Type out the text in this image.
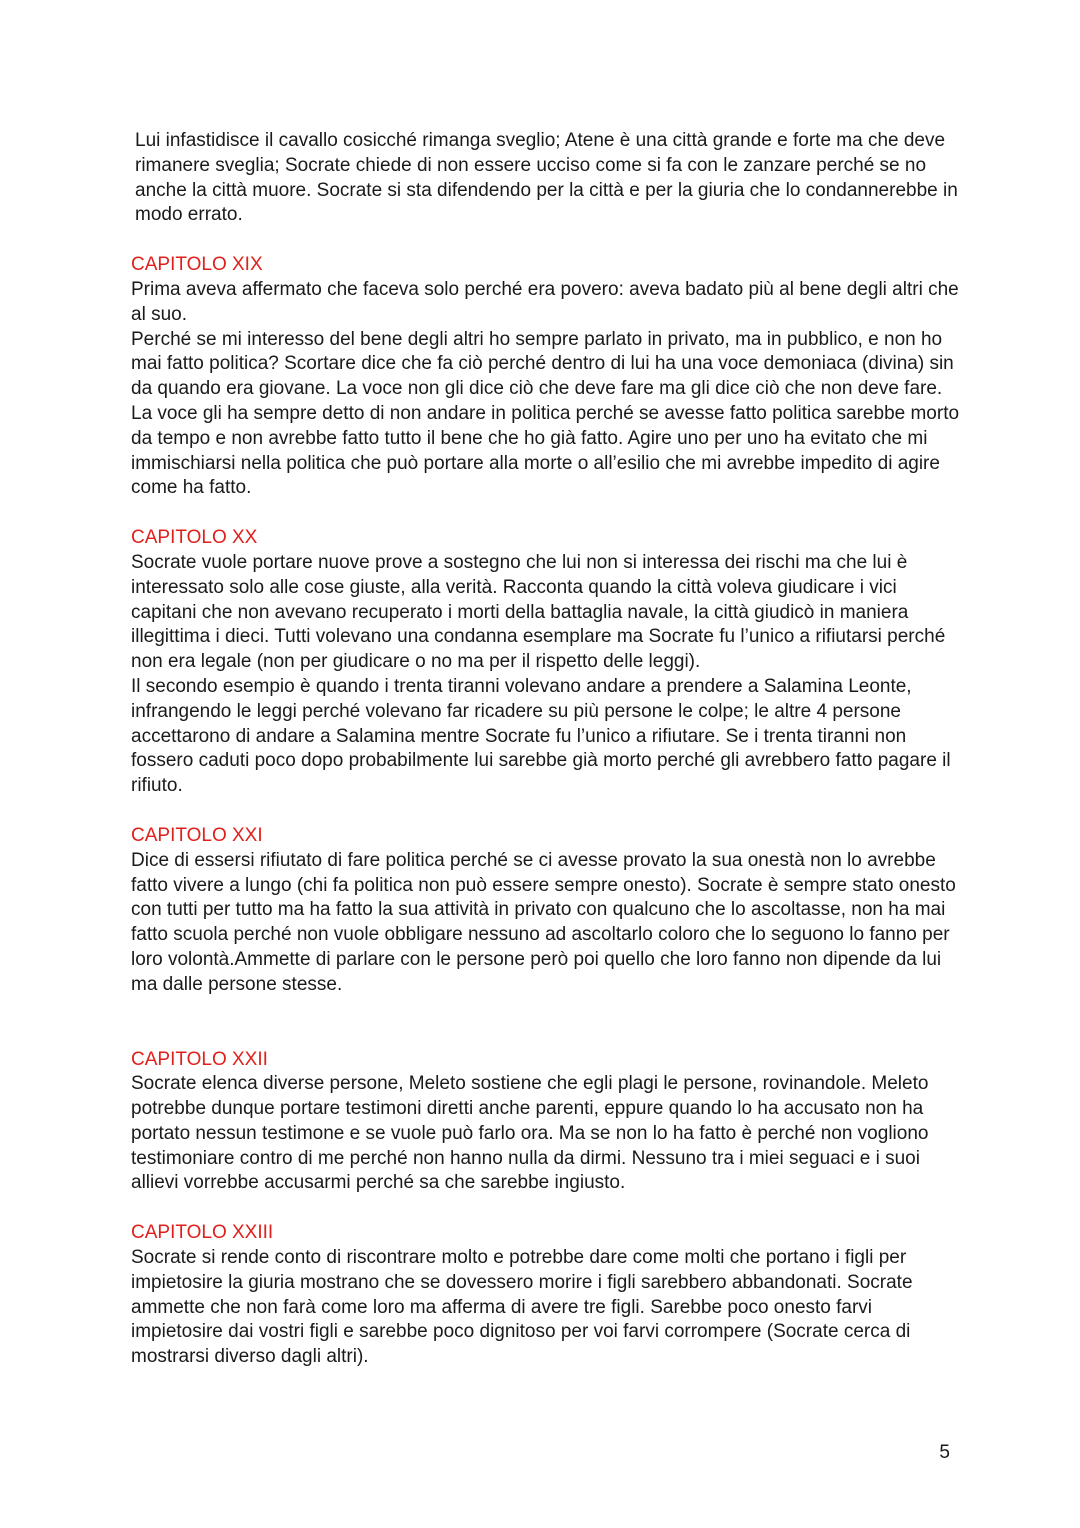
Lui infastidisce il cavallo cosicché rimanga sveglio; Atene è una città grande e forte ma che deve rimanere sveglia; Socrate chiede di non essere ucciso come si fa con le zanzare perché se no anche la città muore. Socrate si sta difendendo per la città e per la giuria che lo condannerebbe in modo errato.

CAPITOLO XIX

Prima aveva affermato che faceva solo perché era povero: aveva badato più al bene degli altri che al suo.

Perché se mi interesso del bene degli altri ho sempre parlato in privato, ma in pubblico, e non ho mai fatto politica? Scortare dice che fa ciò perché dentro di lui ha una voce demoniaca (divina) sin da quando era giovane. La voce non gli dice ciò che deve fare ma gli dice ciò che non deve fare. La voce gli ha sempre detto di non andare in politica perché se avesse fatto politica sarebbe morto da tempo e non avrebbe fatto tutto il bene che ho già fatto. Agire uno per uno ha evitato che mi immischiarsi nella politica che può portare alla morte o all’esilio che mi avrebbe impedito di agire come ha fatto.

CAPITOLO XX

Socrate vuole portare nuove prove a sostegno che lui non si interessa dei rischi ma che lui è interessato solo alle cose giuste, alla verità. Racconta quando la città voleva giudicare i vici capitani che non avevano recuperato i morti della battaglia navale, la città giudicò in maniera illegittima i dieci. Tutti volevano una condanna esemplare ma Socrate fu l’unico a rifiutarsi perché non era legale (non per giudicare o no ma per il rispetto delle leggi).

Il secondo esempio è quando i trenta tiranni volevano andare a prendere a Salamina Leonte, infrangendo le leggi perché volevano far ricadere su più persone le colpe; le altre 4 persone accettarono di andare a Salamina mentre Socrate fu l’unico a rifiutare. Se i trenta tiranni non fossero caduti poco dopo probabilmente lui sarebbe già morto perché gli avrebbero fatto pagare il rifiuto.

CAPITOLO XXI

Dice di essersi rifiutato di fare politica perché se ci avesse provato la sua onestà non lo avrebbe fatto vivere a lungo (chi fa politica non può essere sempre onesto). Socrate è sempre stato onesto con tutti per tutto ma ha fatto la sua attività in privato con qualcuno che lo ascoltasse, non ha mai fatto scuola perché non vuole obbligare nessuno ad ascoltarlo coloro che lo seguono lo fanno per loro volontà.Ammette di parlare con le persone però poi quello che loro fanno non dipende da lui ma dalle persone stesse.

CAPITOLO XXII

Socrate elenca diverse persone, Meleto sostiene che egli plagi le persone, rovinandole. Meleto potrebbe dunque portare testimoni diretti anche parenti, eppure quando lo ha accusato non ha portato nessun testimone e se vuole può farlo ora. Ma se non lo ha fatto è perché non vogliono testimoniare contro di me perché non hanno nulla da dirmi. Nessuno tra i miei seguaci e i suoi allievi vorrebbe accusarmi perché sa che sarebbe ingiusto.

CAPITOLO XXIII

Socrate si rende conto di riscontrare molto e potrebbe dare come molti che portano i figli per impietosire la giuria mostrano che se dovessero morire i figli sarebbero abbandonati. Socrate ammette che non farà come loro ma afferma di avere tre figli. Sarebbe poco onesto farvi impietosire dai vostri figli e sarebbe poco dignitoso per voi farvi corrompere (Socrate cerca di mostrarsi diverso dagli altri).

5
